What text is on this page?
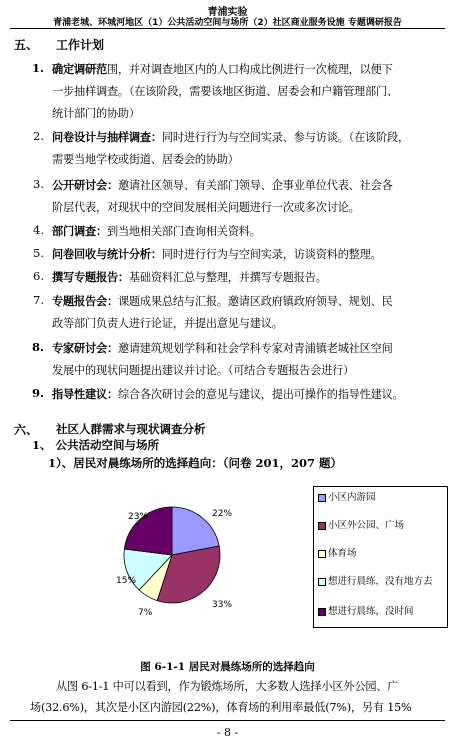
青浦实验
青浦老城、环城河地区（1）公共活动空间与场所（2）社区商业服务设施 专题调研报告
五、 工作计划
1. 确定调研范围，并对调查地区内的人口构成比例进行一次梳理，以便下
一步抽样调查。（在该阶段，需要该地区街道、居委会和户籍管理部门、
统计部门的协助）
2. 问卷设计与抽样调查：同时进行行为与空间实录、参与访谈。（在该阶段，
需要当地学校或街道、居委会的协助）
3. 公开研讨会：邀请社区领导、有关部门领导、企事业单位代表、社会各
阶层代表，对现状中的空间发展相关问题进行一次或多次讨论。
4. 部门调查：到当地相关部门查询相关资料。
5. 问卷回收与统计分析：同时进行行为与空间实录，访谈资料的整理。
6. 撰写专题报告：基础资料汇总与整理，并撰写专题报告。
7. 专题报告会：课题成果总结与汇报。邀请区政府镇政府领导、规划、民
政等部门负责人进行论证，并提出意见与建议。
8. 专家研讨会：邀请建筑规划学科和社会学科专家对青浦镇老城社区空间
发展中的现状问题提出建议并讨论。（可结合专题报告会进行）
9. 指导性建议：综合各次研讨会的意见与建议，提出可操作的指导性建议。
六、 社区人群需求与现状调查分析
1、 公共活动空间与场所
1）、居民对晨练场所的选择趋向：（问卷 201，207 题）
22%
33%
7%
15%
23%
小区内游园
小区外公园、广场
体育场
想进行晨练，没有地方去
想进行晨练，没时间
图 6-1-1 居民对晨练场所的选择趋向
从图 6-1-1 中可以看到，作为锻炼场所，大多数人选择小区外公园、广
场(32.6%)，其次是小区内游园(22%)，体育场的利用率最低(7%)，另有 15%
- 8 -
